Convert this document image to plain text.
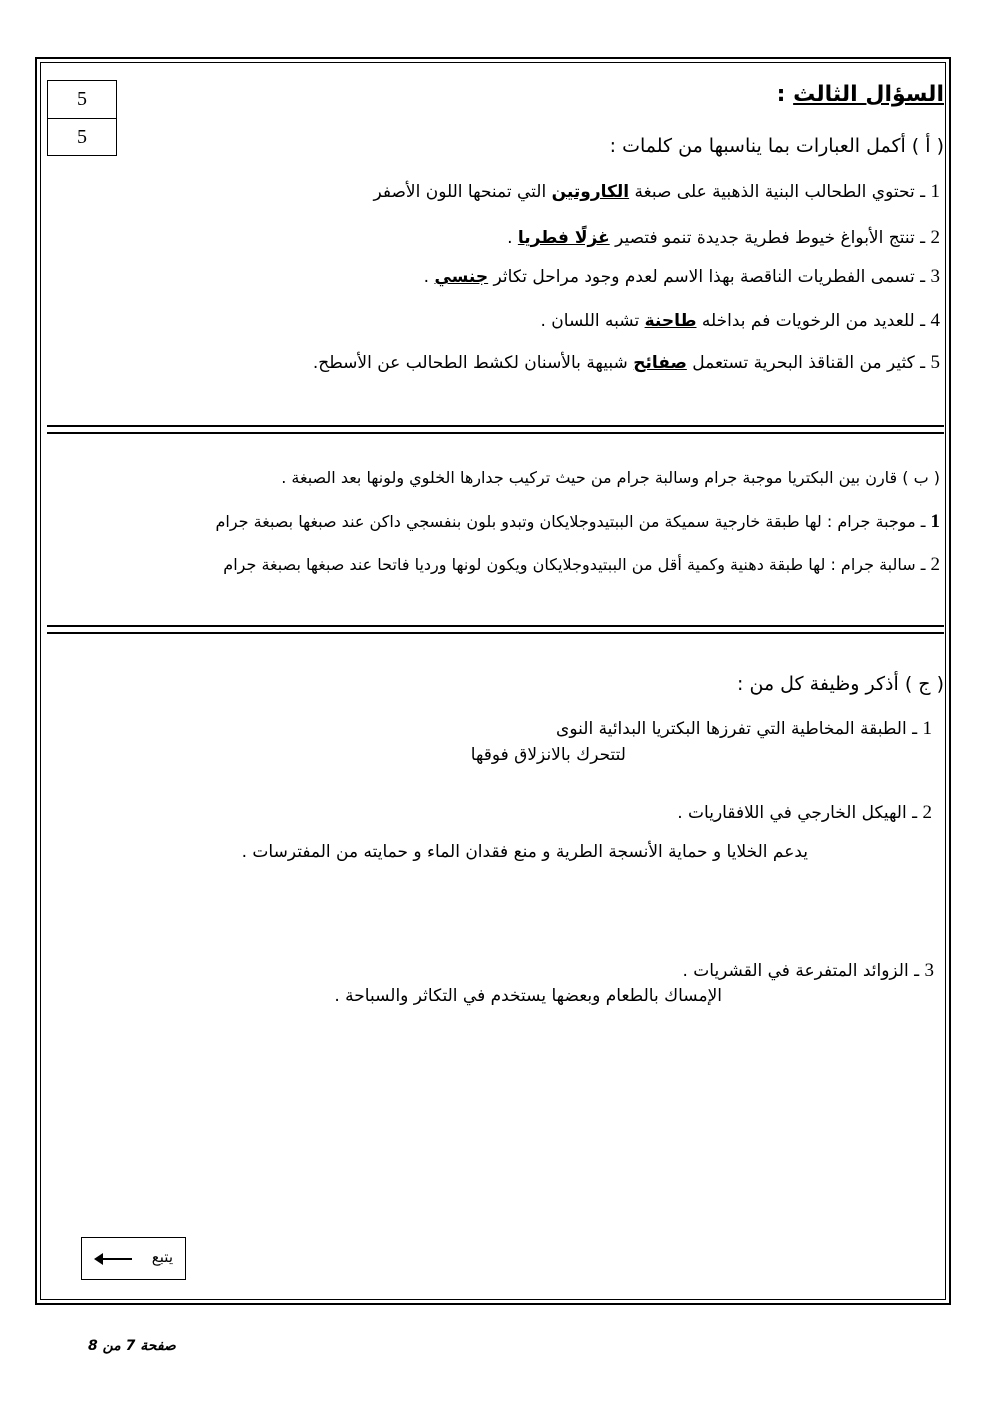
5
5
السؤال الثالث :
( أ ) أكمل العبارات بما يناسبها من كلمات :
1 ـ تحتوي الطحالب البنية الذهبية على صبغة الكاروتين التي تمنحها اللون الأصفر
2 ـ تنتج الأبواغ خيوط فطرية جديدة تنمو فتصير غزلًا فطريا .
3 ـ تسمى الفطريات الناقصة بهذا الاسم لعدم وجود مراحل تكاثر جنسي .
4 ـ للعديد من الرخويات فم بداخله طاحنة تشبه اللسان .
5 ـ كثير من القناقذ البحرية تستعمل صفائح شبيهة بالأسنان لكشط الطحالب عن الأسطح.
( ب ) قارن بين البكتريا موجبة جرام وسالبة جرام من حيث تركيب جدارها الخلوي ولونها بعد الصبغة .
1 ـ موجبة جرام : لها طبقة خارجية سميكة من الببتيدوجلايكان وتبدو بلون بنفسجي داكن عند صبغها بصبغة جرام
2 ـ سالبة جرام : لها طبقة دهنية وكمية أقل من الببتيدوجلايكان ويكون لونها ورديا فاتحا عند صبغها بصبغة جرام
( ج ) أذكر وظيفة كل من :
1 ـ الطبقة المخاطية التي تفرزها البكتريا البدائية النوى
لتتحرك بالانزلاق فوقها
2 ـ الهيكل الخارجي في اللافقاريات .
يدعم الخلايا و حماية الأنسجة الطرية و منع فقدان الماء و حمايته من المفترسات .
3 ـ الزوائد المتفرعة في القشريات .
الإمساك بالطعام وبعضها يستخدم في التكاثر والسباحة .
يتبع
صفحة 7 من 8
